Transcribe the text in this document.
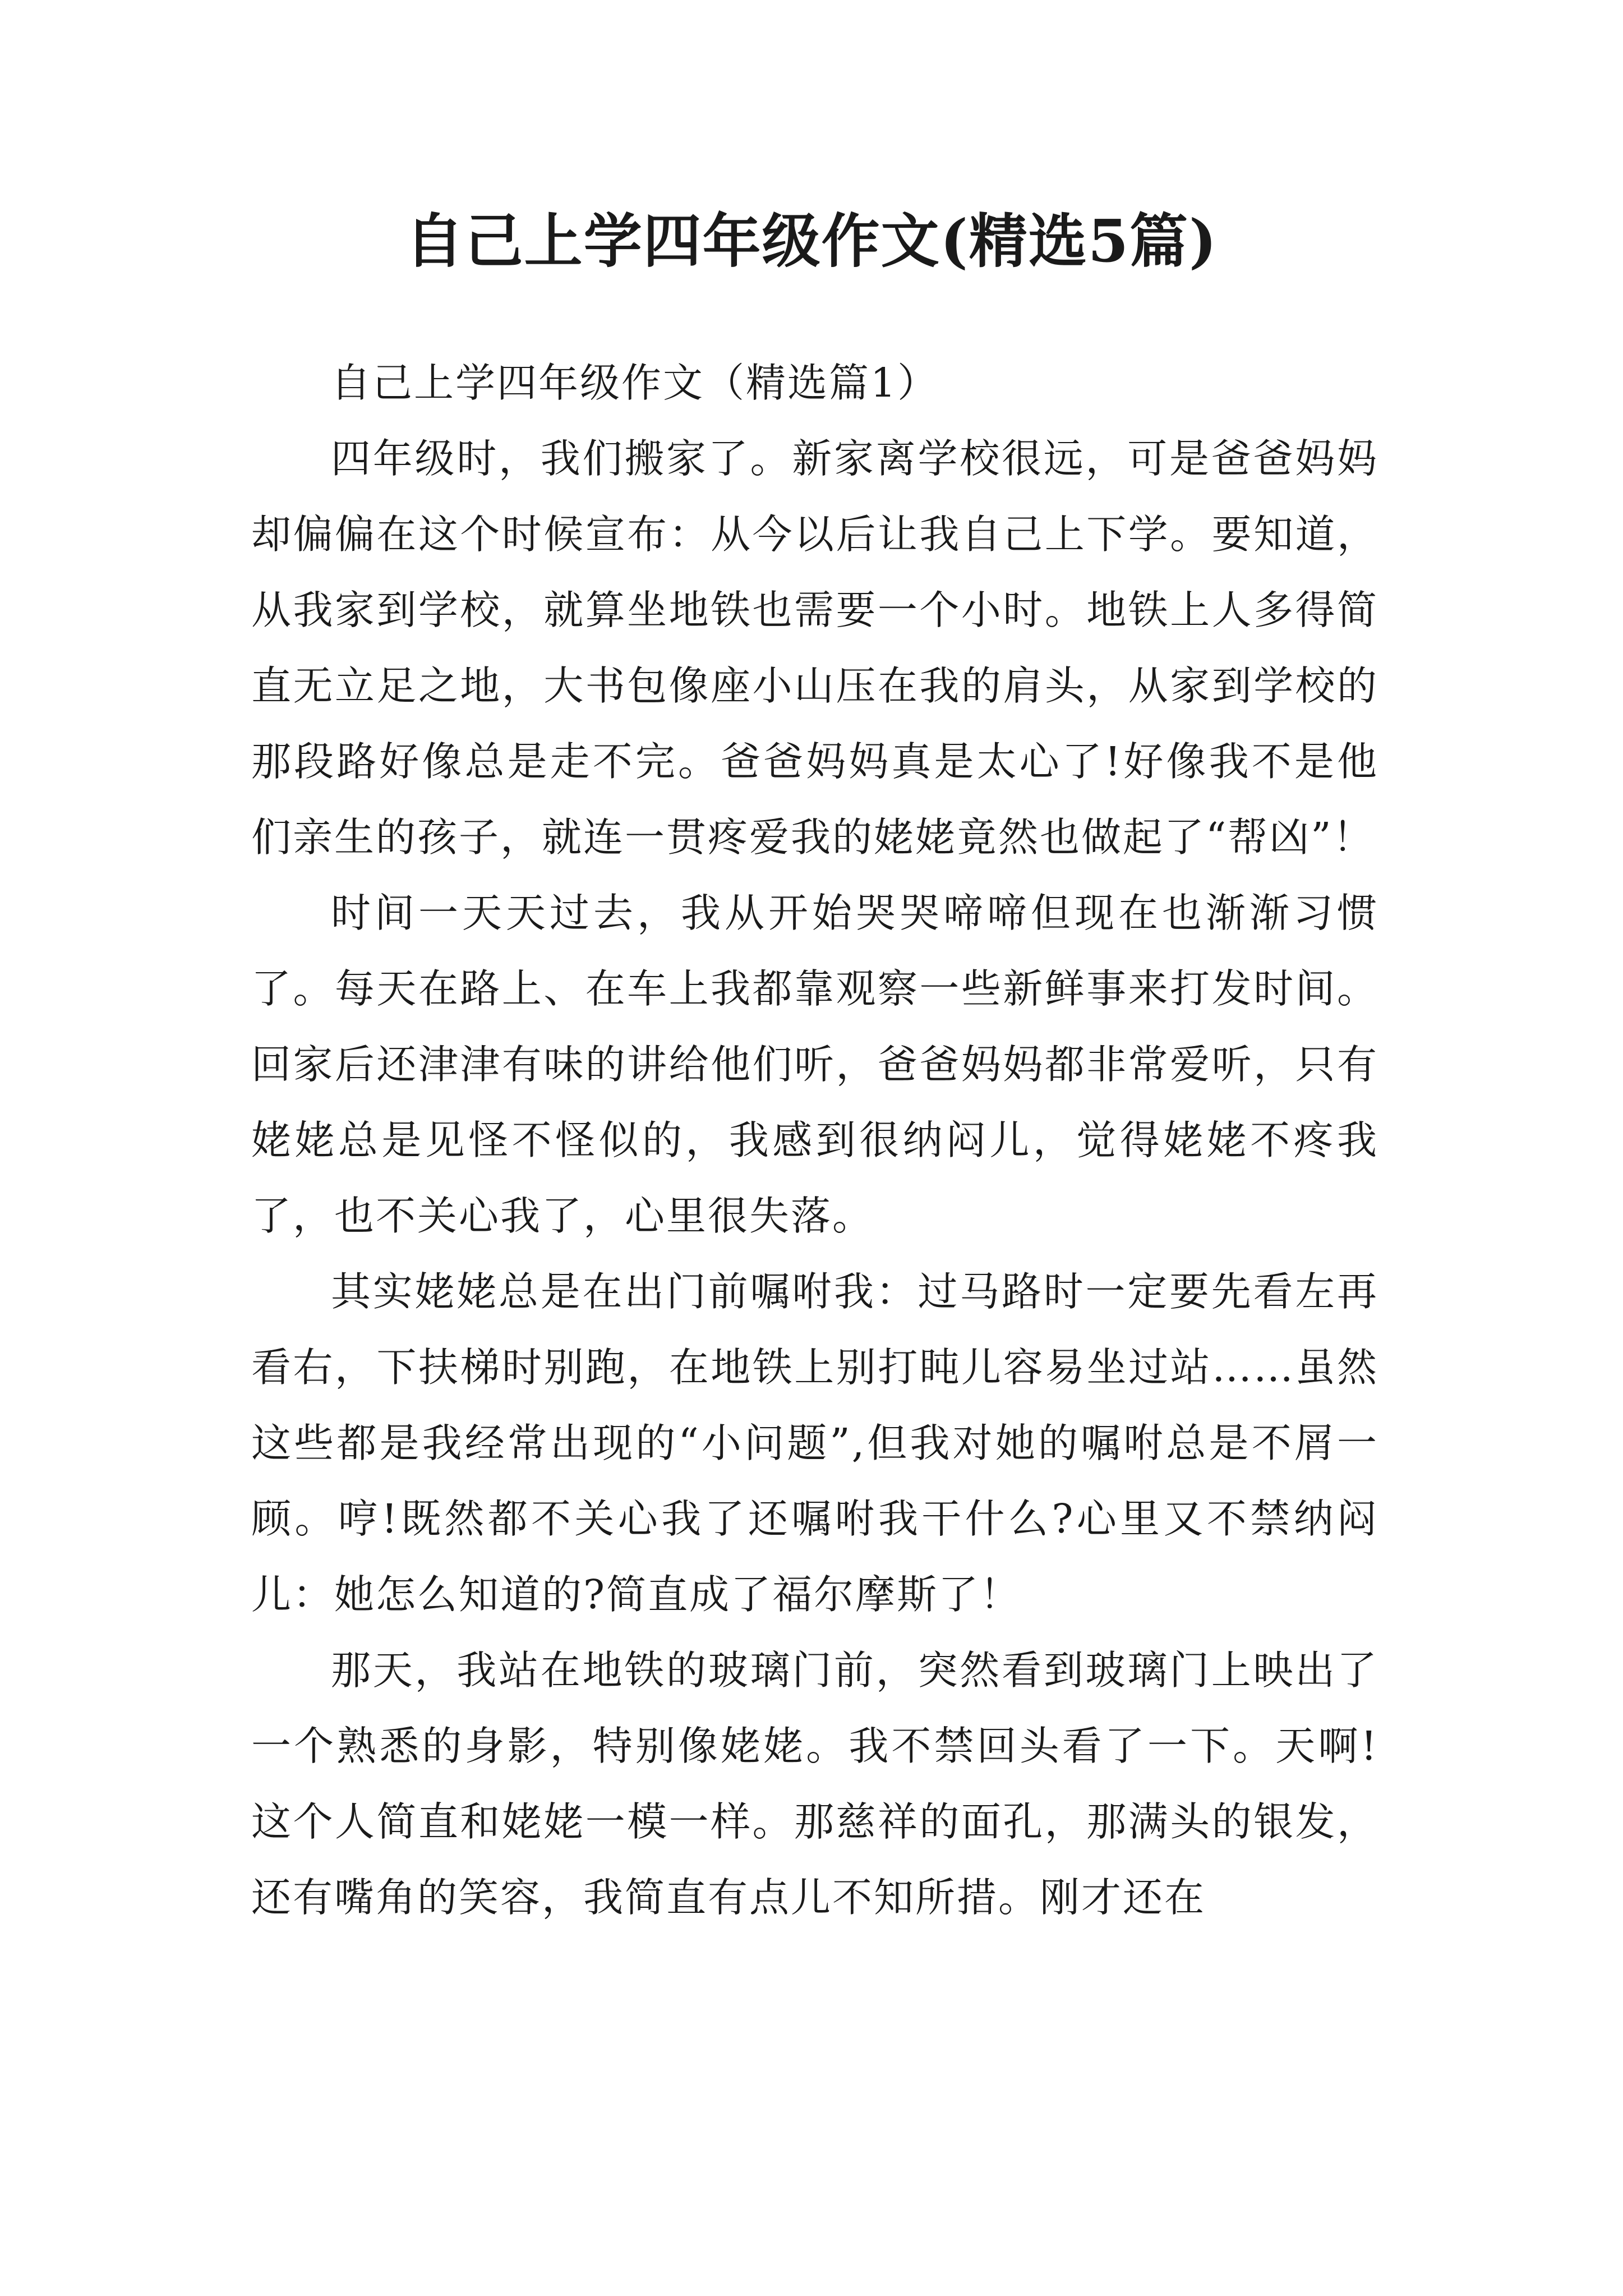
自己上学四年级作文(精选5篇)

自己上学四年级作文（精选篇1）

四年级时，我们搬家了。新家离学校很远，可是爸爸妈妈却偏偏在这个时候宣布：从今以后让我自己上下学。要知道，从我家到学校，就算坐地铁也需要一个小时。地铁上人多得简直无立足之地，大书包像座小山压在我的肩头，从家到学校的那段路好像总是走不完。爸爸妈妈真是太心了!好像我不是他们亲生的孩子，就连一贯疼爱我的姥姥竟然也做起了“帮凶”！

时间一天天过去，我从开始哭哭啼啼但现在也渐渐习惯了。每天在路上、在车上我都靠观察一些新鲜事来打发时间。回家后还津津有味的讲给他们听，爸爸妈妈都非常爱听，只有姥姥总是见怪不怪似的，我感到很纳闷儿，觉得姥姥不疼我了，也不关心我了，心里很失落。

其实姥姥总是在出门前嘱咐我：过马路时一定要先看左再看右，下扶梯时别跑，在地铁上别打盹儿容易坐过站……虽然这些都是我经常出现的“小问题”,但我对她的嘱咐总是不屑一顾。哼!既然都不关心我了还嘱咐我干什么?心里又不禁纳闷儿：她怎么知道的?简直成了福尔摩斯了！

那天，我站在地铁的玻璃门前，突然看到玻璃门上映出了一个熟悉的身影，特别像姥姥。我不禁回头看了一下。天啊!这个人简直和姥姥一模一样。那慈祥的面孔，那满头的银发，还有嘴角的笑容，我简直有点儿不知所措。刚才还在
